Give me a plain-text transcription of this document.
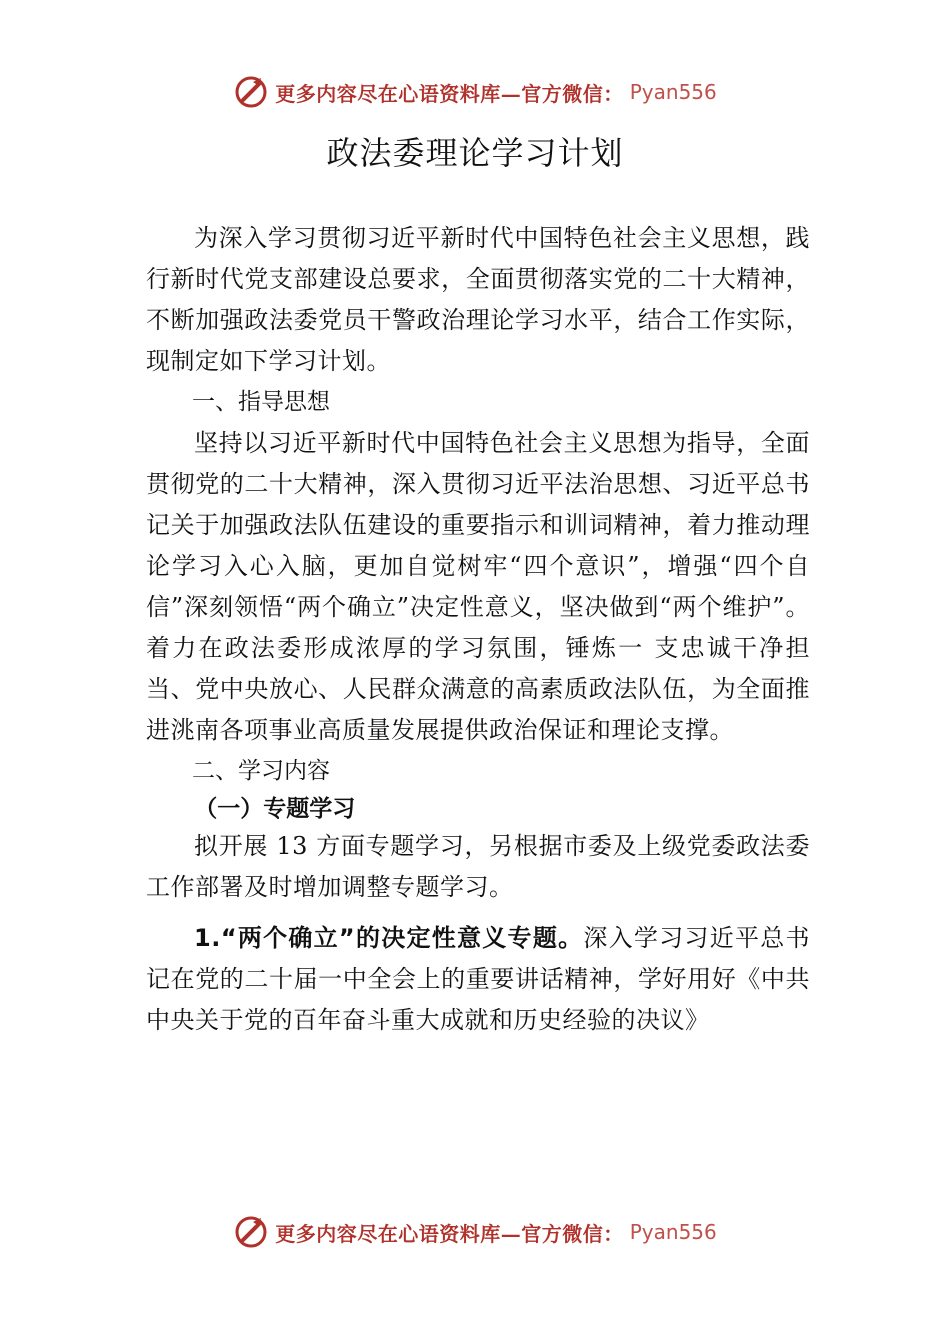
更多内容尽在心语资料库—官方微信： Pyan556
政法委理论学习计划

为深入学习贯彻习近平新时代中国特色社会主义思想，践行新时代党支部建设总要求，全面贯彻落实党的二十大精神，不断加强政法委党员干警政治理论学习水平，结合工作实际，现制定如下学习计划。

一、指导思想

坚持以习近平新时代中国特色社会主义思想为指导，全面贯彻党的二十大精神，深入贯彻习近平法治思想、习近平总书记关于加强政法队伍建设的重要指示和训词精神，着力推动理论学习入心入脑，更加自觉树牢“四个意识”，增强“四个自信”深刻领悟“两个确立”决定性意义，坚决做到“两个维护”。着力在政法委形成浓厚的学习氛围，锤炼一 支忠诚干净担当、党中央放心、人民群众满意的高素质政法队伍，为全面推进洮南各项事业高质量发展提供政治保证和理论支撑。

二、学习内容

（一）专题学习

拟开展 13 方面专题学习，另根据市委及上级党委政法委工作部署及时增加调整专题学习。

1.“两个确立”的决定性意义专题。深入学习习近平总书记在党的二十届一中全会上的重要讲话精神，学好用好《中共中央关于党的百年奋斗重大成就和历史经验的决议》

更多内容尽在心语资料库—官方微信： Pyan556
